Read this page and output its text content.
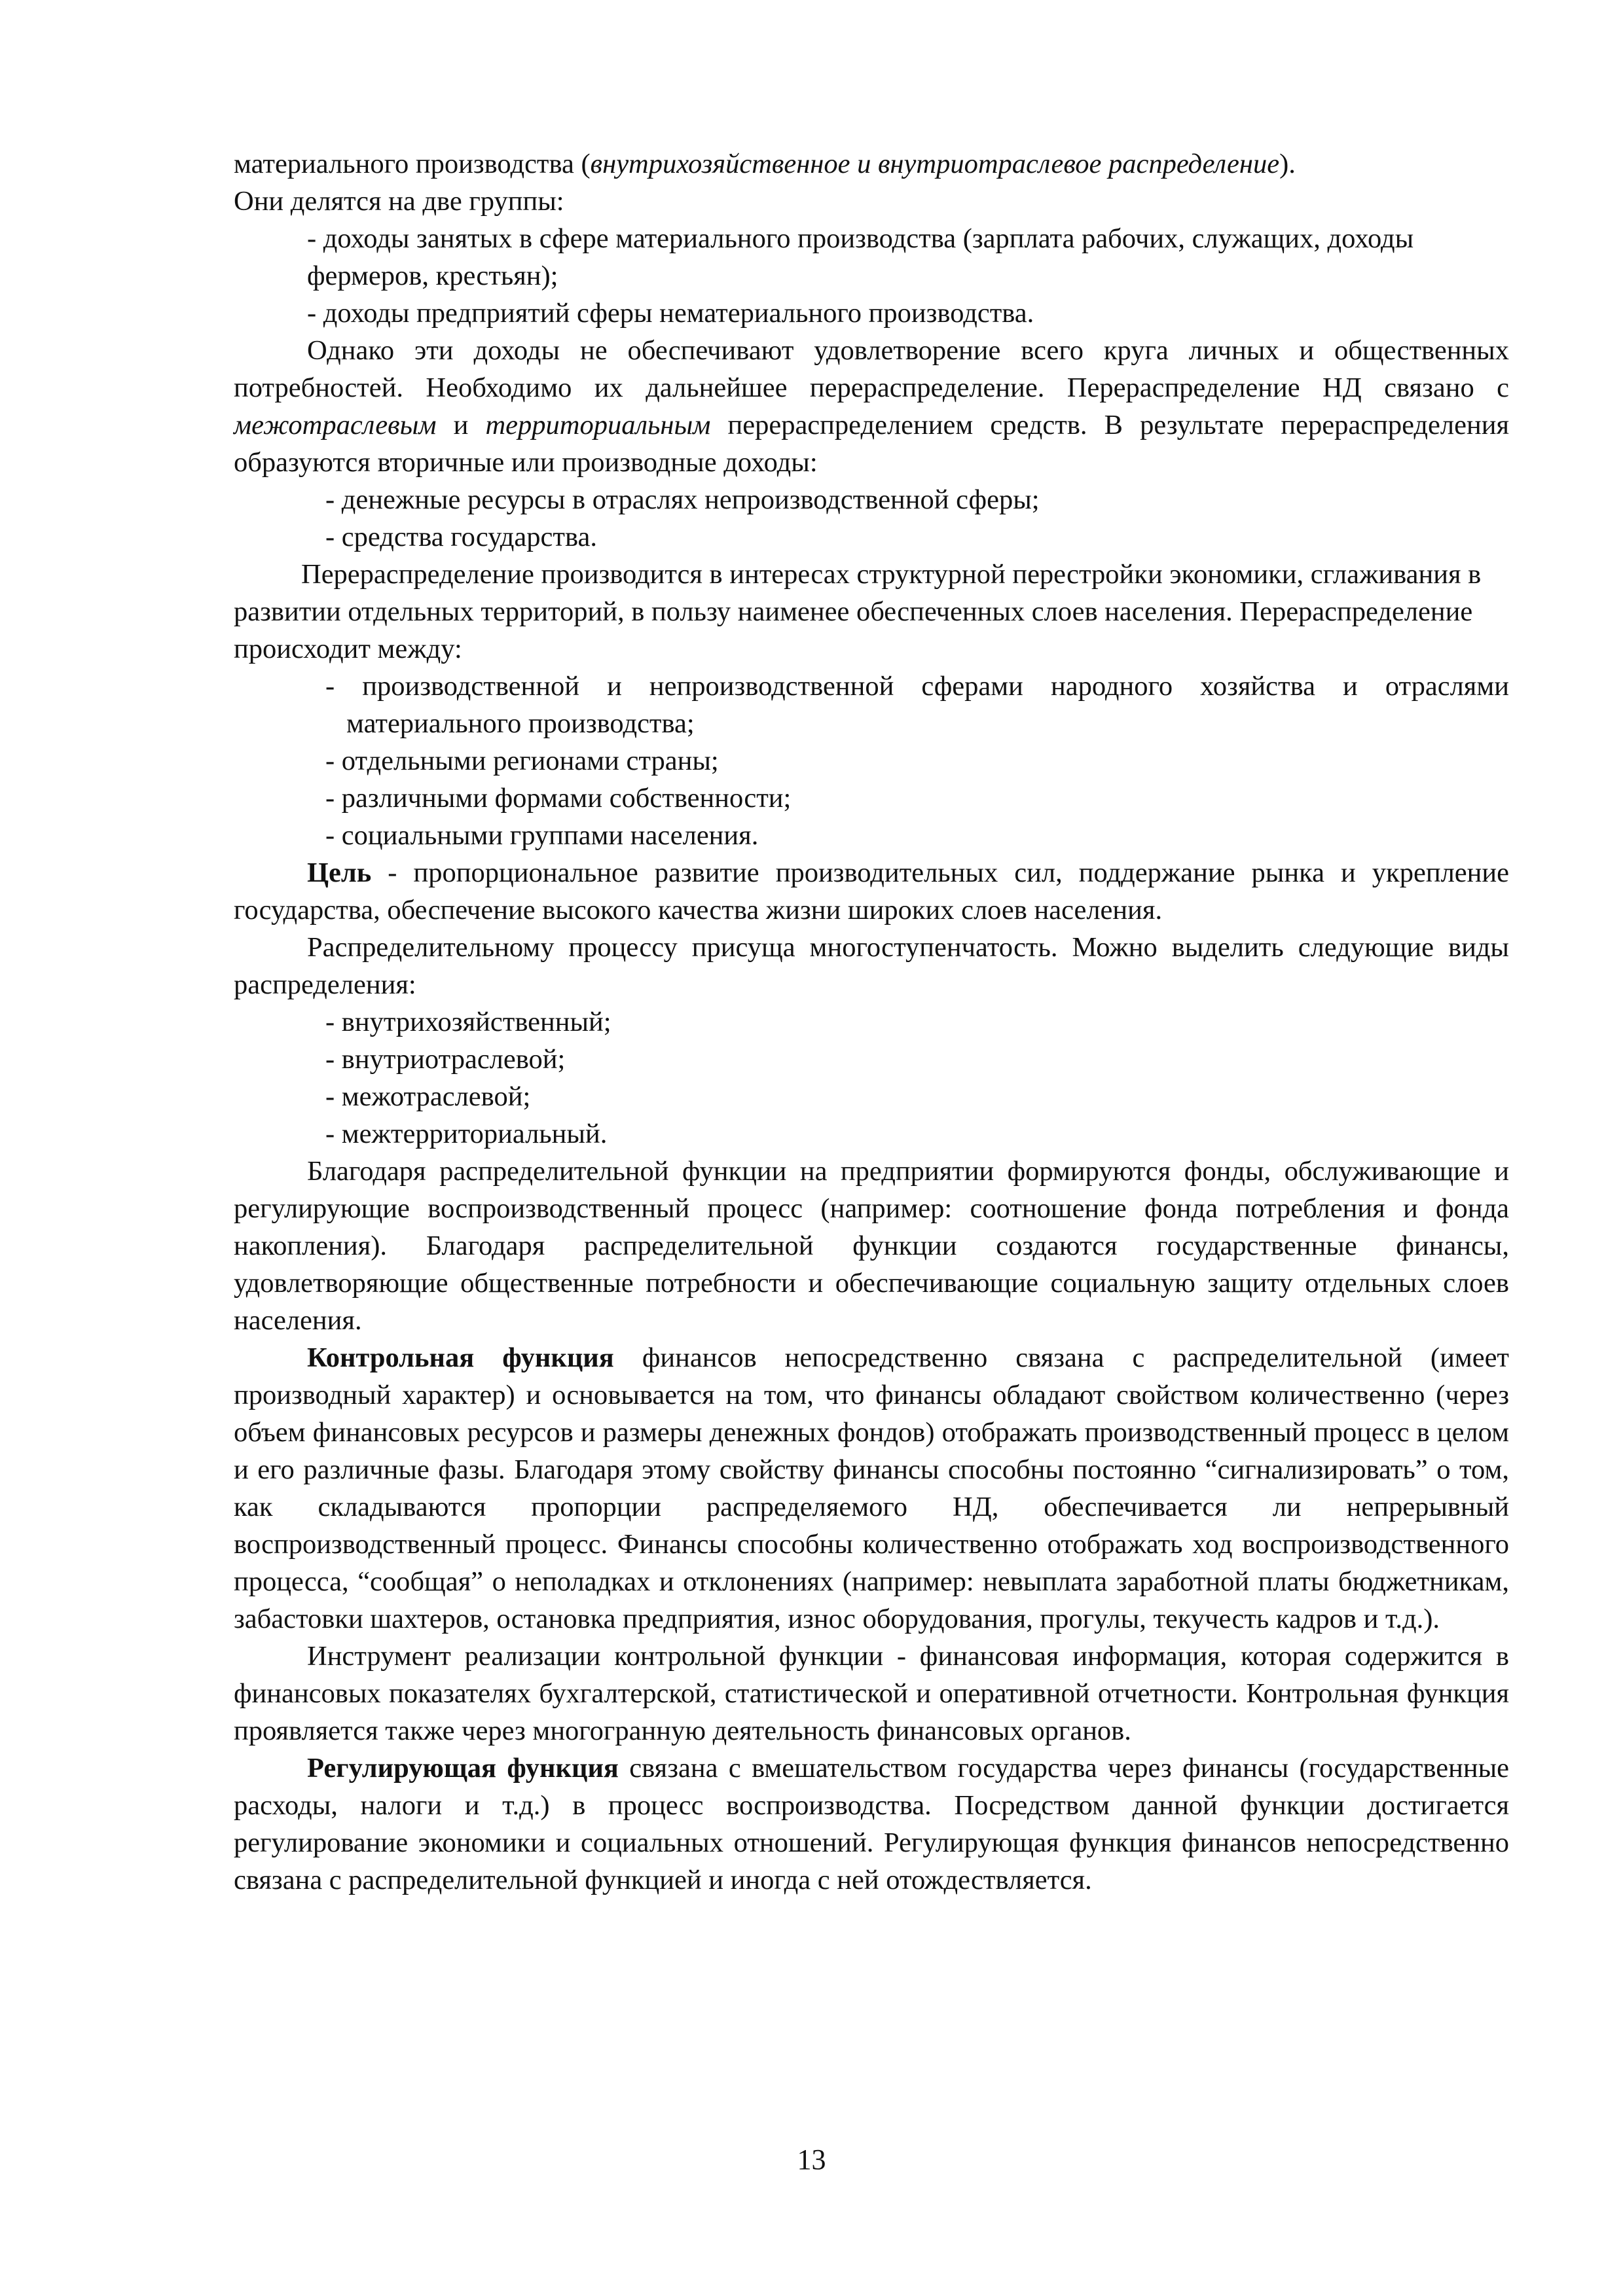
материального производства (внутрихозяйственное и внутриотраслевое распределение).

Они делятся на две группы:

- доходы занятых в сфере материального производства (зарплата рабочих, служащих, доходы фермеров, крестьян);

- доходы предприятий сферы нематериального производства.

Однако эти доходы не обеспечивают удовлетворение всего круга личных и общественных потребностей. Необходимо их дальнейшее перераспределение. Перераспределение НД связано с межотраслевым и территориальным перераспределением средств. В результате перераспределения образуются вторичные или производные доходы:

- денежные ресурсы в отраслях непроизводственной сферы;

- средства государства.

Перераспределение производится в интересах структурной перестройки экономики, сглаживания в развитии отдельных территорий, в пользу наименее обеспеченных слоев населения. Перераспределение происходит между:

- производственной и непроизводственной сферами народного хозяйства и отраслями материального производства;

- отдельными регионами страны;

- различными формами собственности;

- социальными группами населения.

Цель - пропорциональное развитие производительных сил, поддержание рынка и укрепление государства, обеспечение высокого качества жизни широких слоев населения.

Распределительному процессу присуща многоступенчатость. Можно выделить следующие виды распределения:

- внутрихозяйственный;

- внутриотраслевой;

- межотраслевой;

- межтерриториальный.

Благодаря распределительной функции на предприятии формируются фонды, обслуживающие и регулирующие воспроизводственный процесс (например: соотношение фонда потребления и фонда накопления). Благодаря распределительной функции создаются государственные финансы, удовлетворяющие общественные потребности и обеспечивающие социальную защиту отдельных слоев населения.

Контрольная функция финансов непосредственно связана с распределительной (имеет производный характер) и основывается на том, что финансы обладают свойством количественно (через объем финансовых ресурсов и размеры денежных фондов) отображать производственный процесс в целом и его различные фазы. Благодаря этому свойству финансы способны постоянно “сигнализировать” о том, как складываются пропорции распределяемого НД, обеспечивается ли непрерывный воспроизводственный процесс. Финансы способны количественно отображать ход воспроизводственного процесса, “сообщая” о неполадках и отклонениях (например: невыплата заработной платы бюджетникам, забастовки шахтеров, остановка предприятия, износ оборудования, прогулы, текучесть кадров и т.д.).

Инструмент реализации контрольной функции - финансовая информация, которая содержится в финансовых показателях бухгалтерской, статистической и оперативной отчетности. Контрольная функция проявляется также через многогранную деятельность финансовых органов.

Регулирующая функция связана с вмешательством государства через финансы (государственные расходы, налоги и т.д.) в процесс воспроизводства. Посредством данной функции достигается регулирование экономики и социальных отношений. Регулирующая функция финансов непосредственно связана с распределительной функцией и иногда с ней отождествляется.

13
